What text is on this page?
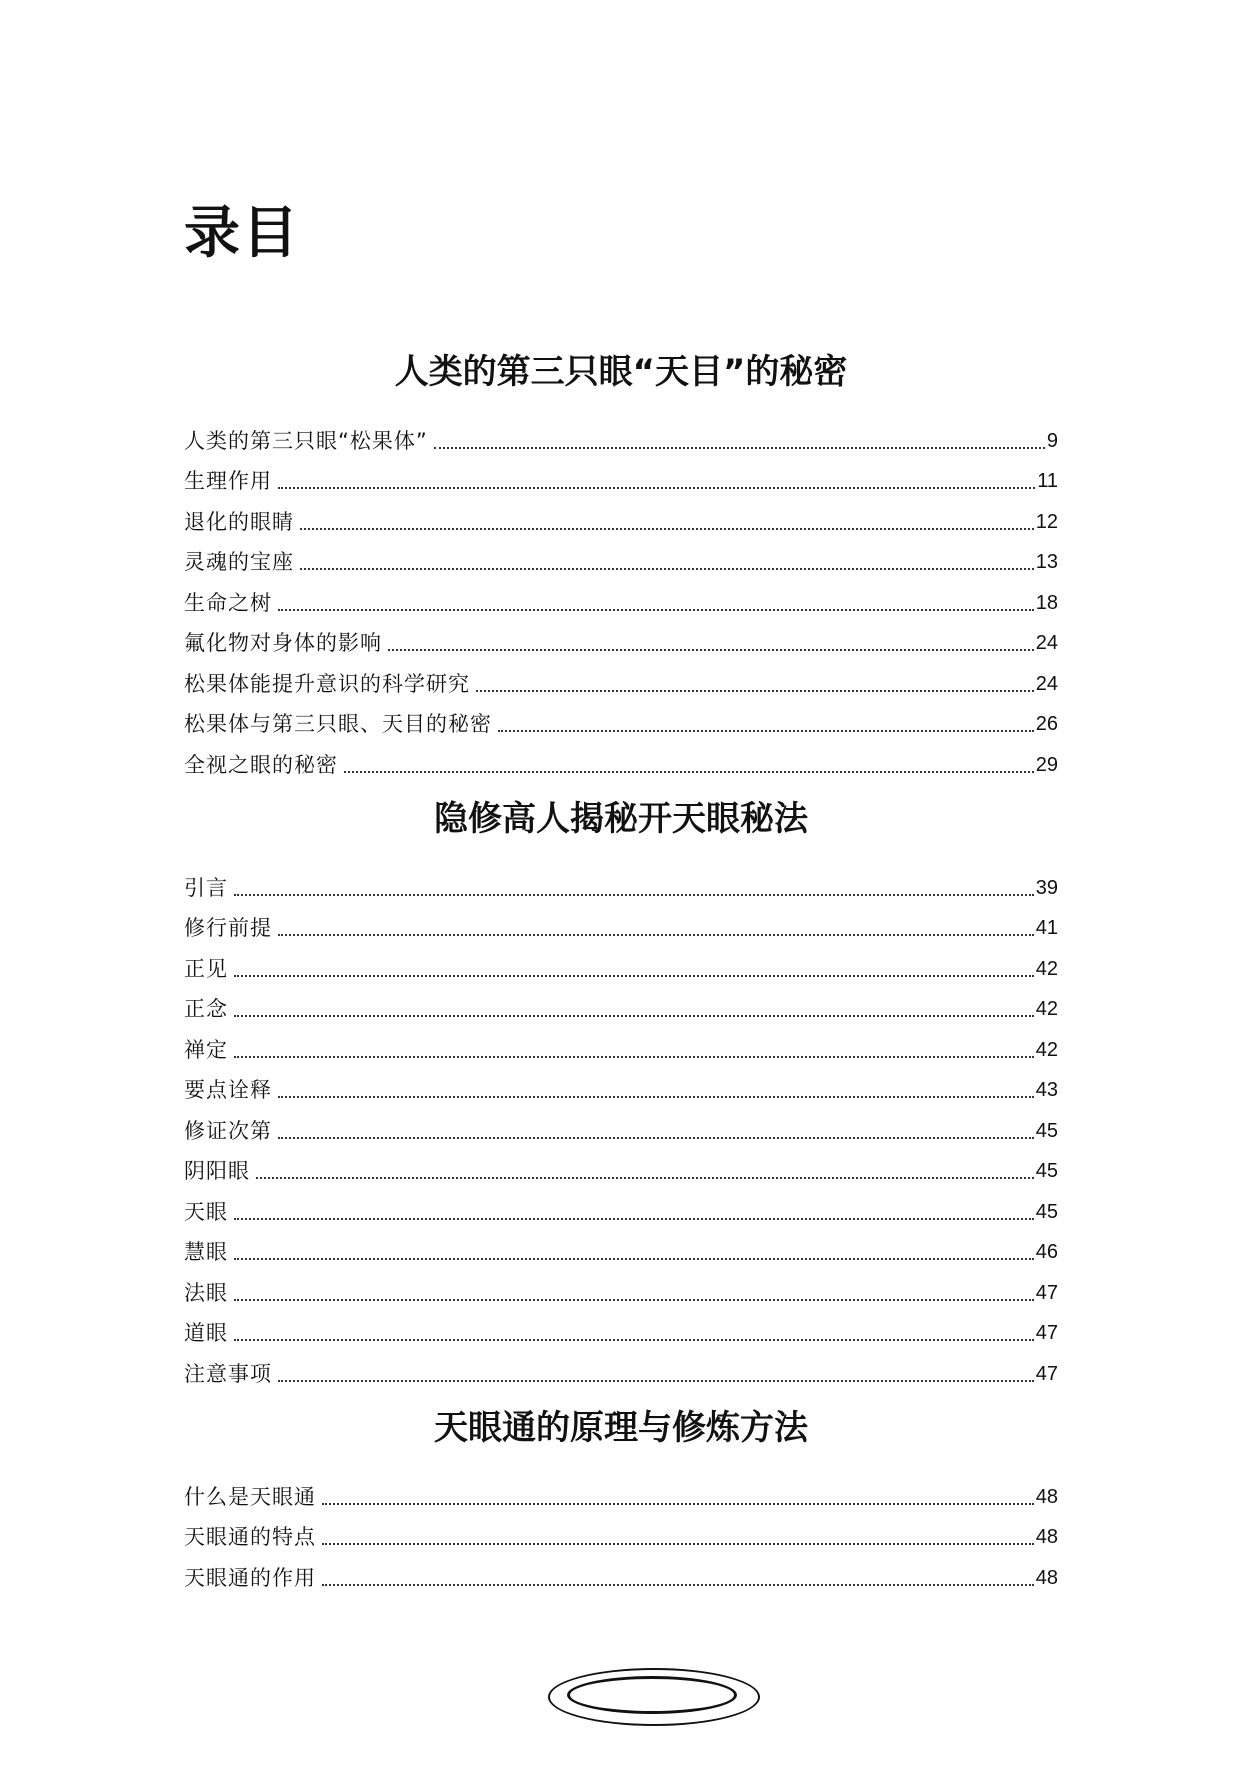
录目
人类的第三只眼“天目”的秘密
人类的第三只眼“松果体”	9
生理作用	11
退化的眼睛	12
灵魂的宝座	13
生命之树	18
氟化物对身体的影响	24
松果体能提升意识的科学研究	24
松果体与第三只眼、天目的秘密	26
全视之眼的秘密	29
隐修高人揭秘开天眼秘法
引言	39
修行前提	41
正见	42
正念	42
禅定	42
要点诠释	43
修证次第	45
阴阳眼	45
天眼	45
慧眼	46
法眼	47
道眼	47
注意事项	47
天眼通的原理与修炼方法
什么是天眼通	48
天眼通的特点	48
天眼通的作用	48
